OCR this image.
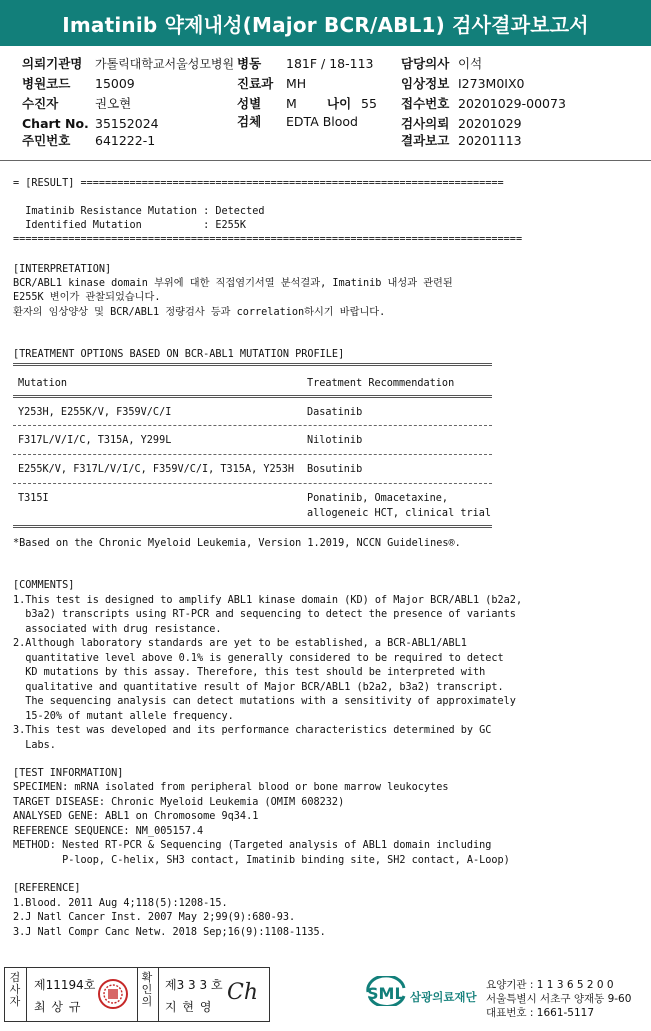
Imatinib 약제내성(Major BCR/ABL1) 검사결과보고서
의뢰기관명 가톨릭대학교서울성모병원 병동 181F / 18-113 담당의사 이석
병원코드 15009	진료과 MH	임상정보 I273M0IX0
수진자	권오현	성별 M 나이 55 접수번호 20201029-00073
Chart No. 35152024	검체 EDTA Blood	검사의뢰 20201029
주민번호 641222-1	결과보고 20201113
= [RESULT] =====================================================================
Imatinib Resistance Mutation : Detected
Identified Mutation          : E255K
===================================================================================
[INTERPRETATION]
BCR/ABL1 kinase domain 부위에 대한 직접염기서열 분석결과, Imatinib 내성과 관련된
E255K 변이가 관찰되었습니다.
환자의 임상양상 및 BCR/ABL1 정량검사 등과 correlation하시기 바랍니다.
[TREATMENT OPTIONS BASED ON BCR-ABL1 MUTATION PROFILE]
Mutation	Treatment Recommendation
Y253H, E255K/V, F359V/C/I	Dasatinib
F317L/V/I/C, T315A, Y299L	Nilotinib
E255K/V, F317L/V/I/C, F359V/C/I, T315A, Y253H Bosutinib
T315I	Ponatinib, Omacetaxine,
allogeneic HCT, clinical trial
*Based on the Chronic Myeloid Leukemia, Version 1.2019, NCCN Guidelines®.
[COMMENTS]
1.This test is designed to amplify ABL1 kinase domain (KD) of Major BCR/ABL1 (b2a2,
b3a2) transcripts using RT-PCR and sequencing to detect the presence of variants
associated with drug resistance.
2.Although laboratory standards are yet to be established, a BCR-ABL1/ABL1
quantitative level above 0.1% is generally considered to be required to detect
KD mutations by this assay. Therefore, this test should be interpreted with
qualitative and quantitative result of Major BCR/ABL1 (b2a2, b3a2) transcript.
The sequencing analysis can detect mutations with a sensitivity of approximately
15-20% of mutant allele frequency.
3.This test was developed and its performance characteristics determined by GC
Labs.
[TEST INFORMATION]
SPECIMEN: mRNA isolated from peripheral blood or bone marrow leukocytes
TARGET DISEASE: Chronic Myeloid Leukemia (OMIM 608232)
ANALYSED GENE: ABL1 on Chromosome 9q34.1
REFERENCE SEQUENCE: NM_005157.4
METHOD: Nested RT-PCR & Sequencing (Targeted analysis of ABL1 domain including
P-loop, C-helix, SH3 contact, Imatinib binding site, SH2 contact, A-Loop)
[REFERENCE]
1.Blood. 2011 Aug 4;118(5):1208-15.
2.J Natl Cancer Inst. 2007 May 2;99(9):680-93.
3.J Natl Compr Canc Netw. 2018 Sep;16(9):1108-1135.
검사자
제11194호
최 상 규
확인의
제3 3 3 호
지 현 영
Ch	SML 삼광의료재단
요양기관 : 1 1 3 6 5 2 0 0
서울특별시 서초구 양재동 9-60
대표번호 : 1661-5117
